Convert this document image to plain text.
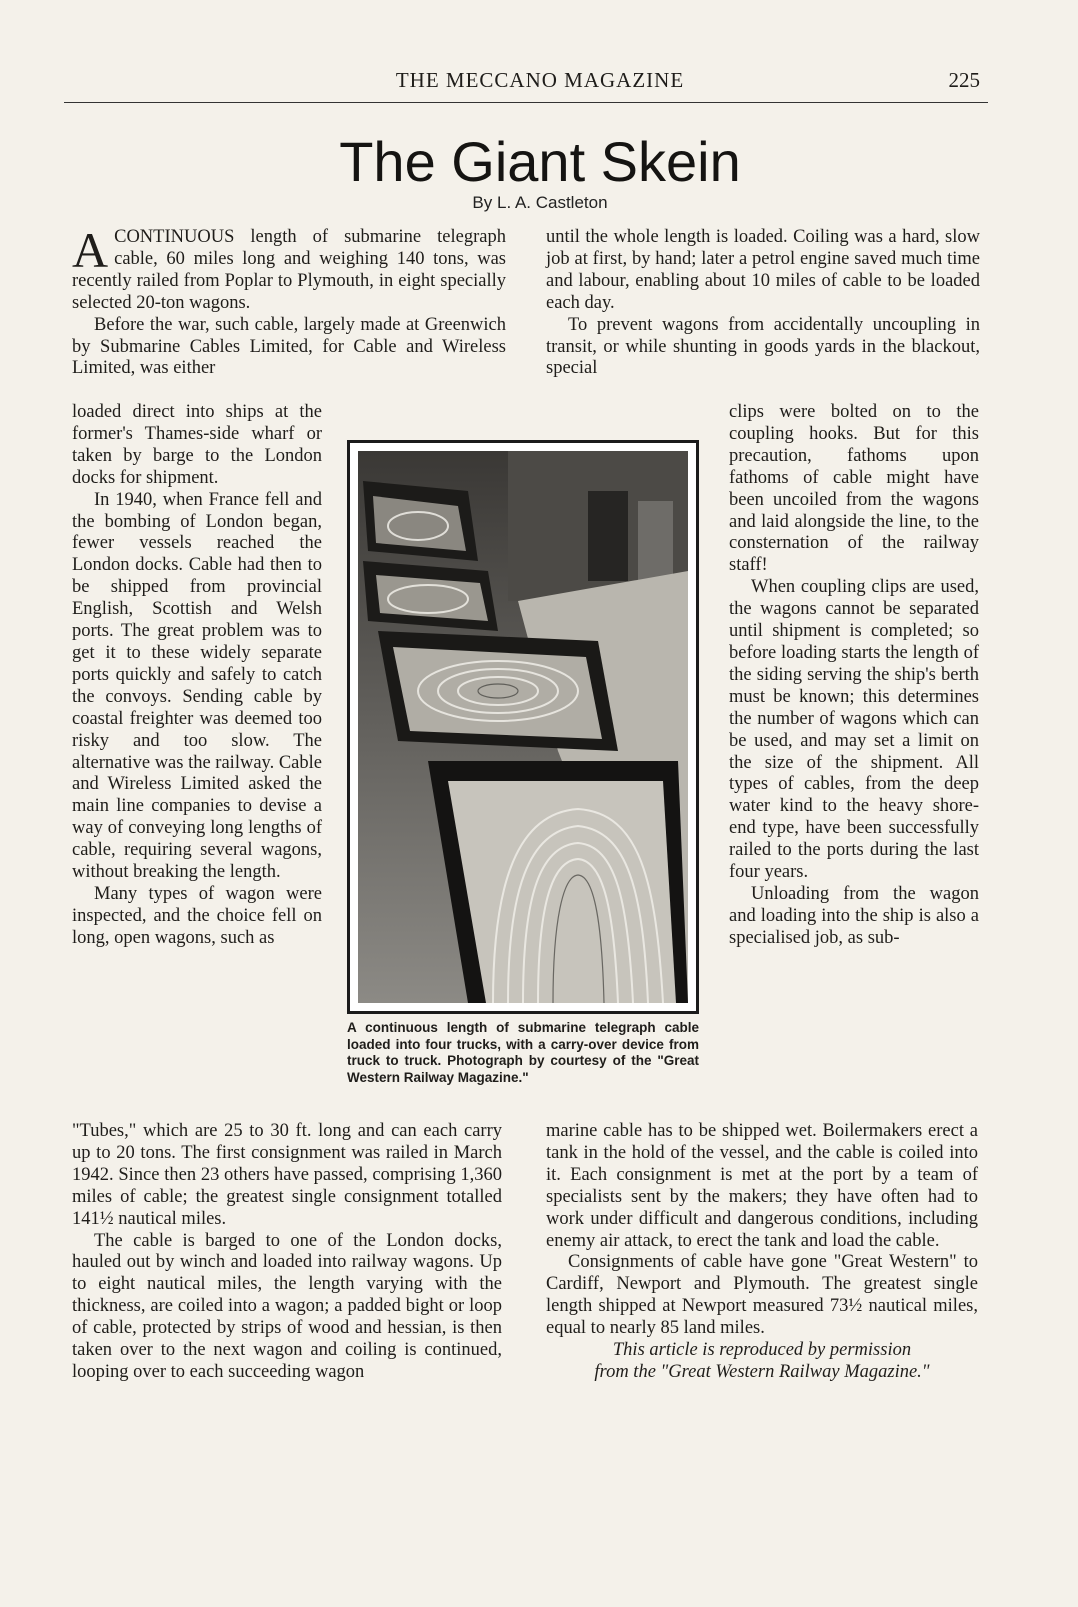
THE MECCANO MAGAZINE	225
The Giant Skein
By L. A. Castleton

ACONTINUOUS length of submarine telegraph cable, 60 miles long and weighing 140 tons, was recently railed from Poplar to Plymouth, in eight specially selected 20-ton wagons.

Before the war, such cable, largely made at Greenwich by Submarine Cables Limited, for Cable and Wireless Limited, was either

loaded direct into ships at the former's Thames-side wharf or taken by barge to the London docks for shipment.

In 1940, when France fell and the bombing of London began, fewer vessels reached the London docks. Cable had then to be shipped from provincial English, Scottish and Welsh ports. The great problem was to get it to these widely separate ports quickly and safely to catch the convoys. Sending cable by coastal freighter was deemed too risky and too slow. The alternative was the railway. Cable and Wireless Limited asked the main line companies to devise a way of conveying long lengths of cable, requiring several wagons, without breaking the length.

Many types of wagon were inspected, and the choice fell on long, open wagons, such as

"Tubes," which are 25 to 30 ft. long and can each carry up to 20 tons. The first consignment was railed in March 1942. Since then 23 others have passed, comprising 1,360 miles of cable; the greatest single consignment totalled 141½ nautical miles.

The cable is barged to one of the London docks, hauled out by winch and loaded into railway wagons. Up to eight nautical miles, the length varying with the thickness, are coiled into a wagon; a padded bight or loop of cable, protected by strips of wood and hessian, is then taken over to the next wagon and coiling is continued, looping over to each succeeding wagon

until the whole length is loaded. Coiling was a hard, slow job at first, by hand; later a petrol engine saved much time and labour, enabling about 10 miles of cable to be loaded each day.

To prevent wagons from accidentally uncoupling in transit, or while shunting in goods yards in the blackout, special

clips were bolted on to the coupling hooks. But for this precaution, fathoms upon fathoms of cable might have been uncoiled from the wagons and laid alongside the line, to the consternation of the railway staff!

When coupling clips are used, the wagons cannot be separated until shipment is completed; so before loading starts the length of the siding serving the ship's berth must be known; this determines the number of wagons which can be used, and may set a limit on the size of the shipment. All types of cables, from the deep water kind to the heavy shore-end type, have been successfully railed to the ports during the last four years.

Unloading from the wagon and loading into the ship is also a specialised job, as sub-

marine cable has to be shipped wet. Boilermakers erect a tank in the hold of the vessel, and the cable is coiled into it. Each consignment is met at the port by a team of specialists sent by the makers; they have often had to work under difficult and dangerous conditions, including enemy air attack, to erect the tank and load the cable.

Consignments of cable have gone "Great Western" to Cardiff, Newport and Plymouth. The greatest single length shipped at Newport measured 73½ nautical miles, equal to nearly 85 land miles.

This article is reproduced by permission

from the "Great Western Railway Magazine."

A continuous length of submarine telegraph cable loaded into four trucks, with a carry-over device from truck to truck. Photograph by courtesy of the "Great Western Railway Magazine."
